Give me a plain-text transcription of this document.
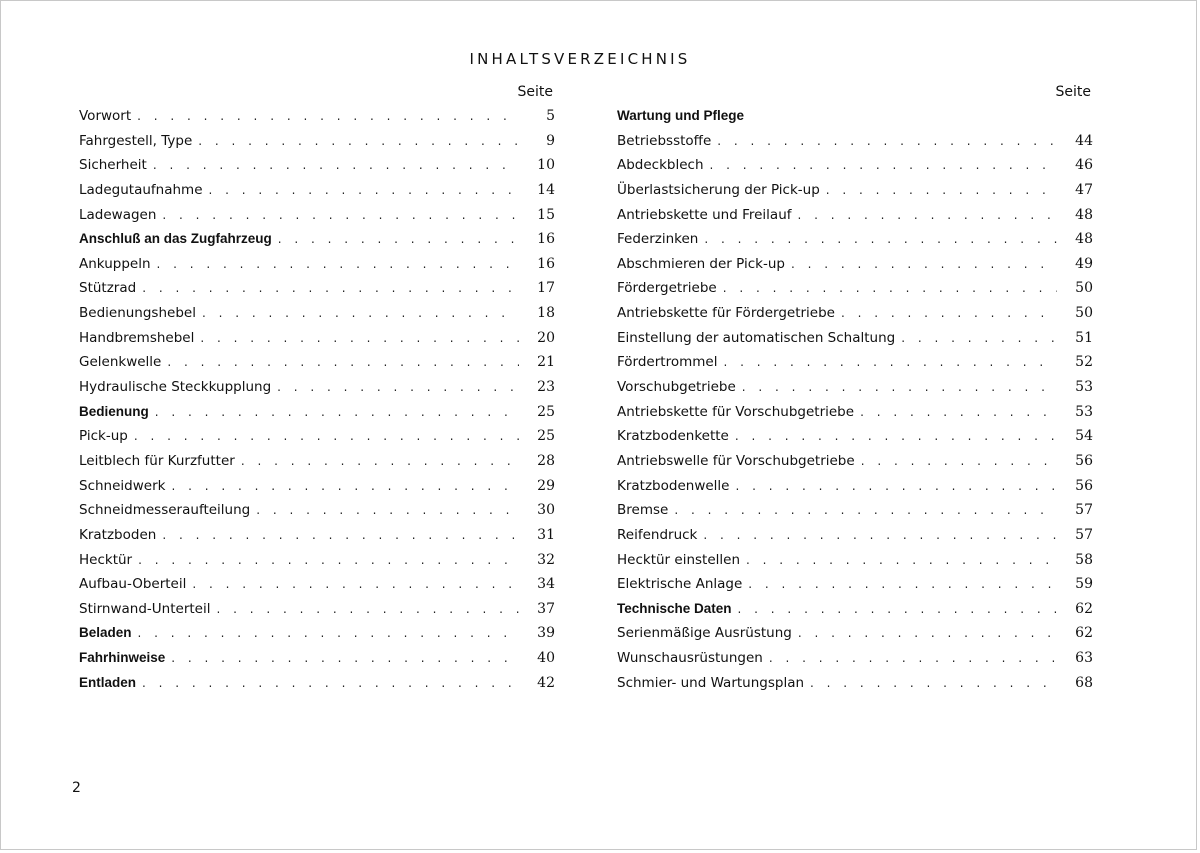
INHALTSVERZEICHNIS
Seite
Vorwort . . .	5
Fahrgestell, Type . . .	9
Sicherheit . . .	10
Ladegutaufnahme . . .	14
Ladewagen . . .	15
Anschluß an das Zugfahrzeug . . .	16
Ankuppeln . . .	16
Stützrad . . .	17
Bedienungshebel . . .	18
Handbremshebel . . .	20
Gelenkwelle . . .	21
Hydraulische Steckkupplung . . .	23
Bedienung . . .	25
Pick-up . . .	25
Leitblech für Kurzfutter . . .	28
Schneidwerk . . .	29
Schneidmesseraufteilung . . .	30
Kratzboden . . .	31
Hecktür . . .	32
Aufbau-Oberteil . . .	34
Stirnwand-Unterteil . . .	37
Beladen . . .	39
Fahrhinweise . . .	40
Entladen . . .	42
Seite
Wartung und Pflege
Betriebsstoffe . . .	44
Abdeckblech . . .	46
Überlastsicherung der Pick-up . . .	47
Antriebskette und Freilauf . . .	48
Federzinken . . .	48
Abschmieren der Pick-up . . .	49
Fördergetriebe . . .	50
Antriebskette für Fördergetriebe . . .	50
Einstellung der automatischen Schaltung . . .	51
Fördertrommel . . .	52
Vorschubgetriebe . . .	53
Antriebskette für Vorschubgetriebe . . .	53
Kratzbodenkette . . .	54
Antriebswelle für Vorschubgetriebe . . .	56
Kratzbodenwelle . . .	56
Bremse . . .	57
Reifendruck . . .	57
Hecktür einstellen . . .	58
Elektrische Anlage . . .	59
Technische Daten . . .	62
Serienmäßige Ausrüstung . . .	62
Wunschausrüstungen . . .	63
Schmier- und Wartungsplan . . .	68
2
